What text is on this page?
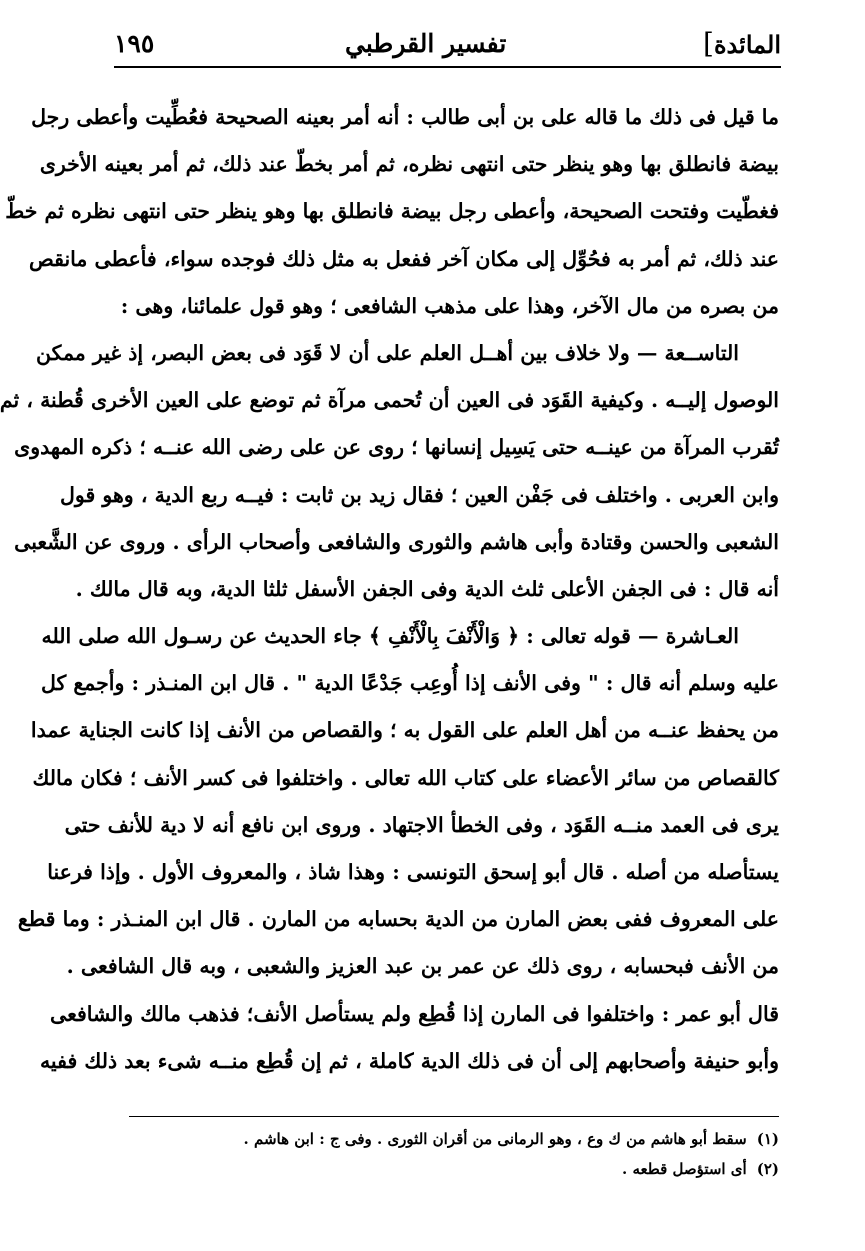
المائدة]
تفسير القرطبي
١٩٥
ما قيل فى ذلك ما قاله على بن أبى طالب : أنه أمر بعينه الصحيحة فعُطِّيت وأعطى رجل
بيضة فانطلق بها وهو ينظر حتى انتهى نظره، ثم أمر بخطّ عند ذلك، ثم أمر بعينه الأخرى
فغطّيت وفتحت الصحيحة، وأعطى رجل بيضة فانطلق بها وهو ينظر حتى انتهى نظره ثم خطّ
عند ذلك، ثم أمر به فحُوِّل إلى مكان آخر ففعل به مثل ذلك فوجده سواء، فأعطى مانقص
من بصره من مال الآخر، وهذا على مذهب الشافعى ؛ وهو قول علمائنا، وهى :
التاســعة — ولا خلاف بين أهــل العلم على أن لا قَوَد فى بعض البصر، إذ غير ممكن
الوصول إليــه . وكيفية القَوَد فى العين أن تُحمى مرآة ثم توضع على العين الأخرى قُطنة ، ثم
تُقرب المرآة من عينــه حتى يَسِيل إنسانها ؛ روى عن على رضى الله عنــه ؛ ذكره المهدوى
وابن العربى . واختلف فى جَفْن العين ؛ فقال زيد بن ثابت : فيــه ربع الدية ، وهو قول
الشعبى والحسن وقتادة وأبى هاشم والثورى والشافعى وأصحاب الرأى . وروى عن الشَّعبى
أنه قال : فى الجفن الأعلى ثلث الدية وفى الجفن الأسفل ثلثا الدية، وبه قال مالك .
العـاشرة — قوله تعالى : ﴿ وَالْأَنْفَ بِالْأَنْفِ ﴾ جاء الحديث عن رسـول الله صلى الله
عليه وسلم أنه قال : " وفى الأنف إذا أُوعِب جَدْعًا الدية " . قال ابن المنـذر : وأجمع كل
من يحفظ عنــه من أهل العلم على القول به ؛ والقصاص من الأنف إذا كانت الجناية عمدا
كالقصاص من سائر الأعضاء على كتاب الله تعالى . واختلفوا فى كسر الأنف ؛ فكان مالك
يرى فى العمد منــه القَوَد ، وفى الخطأ الاجتهاد . وروى ابن نافع أنه لا دية للأنف حتى
يستأصله من أصله . قال أبو إسحق التونسى : وهذا شاذ ، والمعروف الأول . وإذا فرعنا
على المعروف ففى بعض المارن من الدية بحسابه من المارن . قال ابن المنـذر : وما قطع
من الأنف فبحسابه ، روى ذلك عن عمر بن عبد العزيز والشعبى ، وبه قال الشافعى .
قال أبو عمر : واختلفوا فى المارن إذا قُطِع ولم يستأصل الأنف؛ فذهب مالك والشافعى
وأبو حنيفة وأصحابهم إلى أن فى ذلك الدية كاملة ، ثم إن قُطِع منــه شىء بعد ذلك ففيه
(١)سقط أبو هاشم من ك وع ، وهو الرمانى من أقران الثورى . وفى ج : ابن هاشم .
(٢)أى استؤصل قطعه .
